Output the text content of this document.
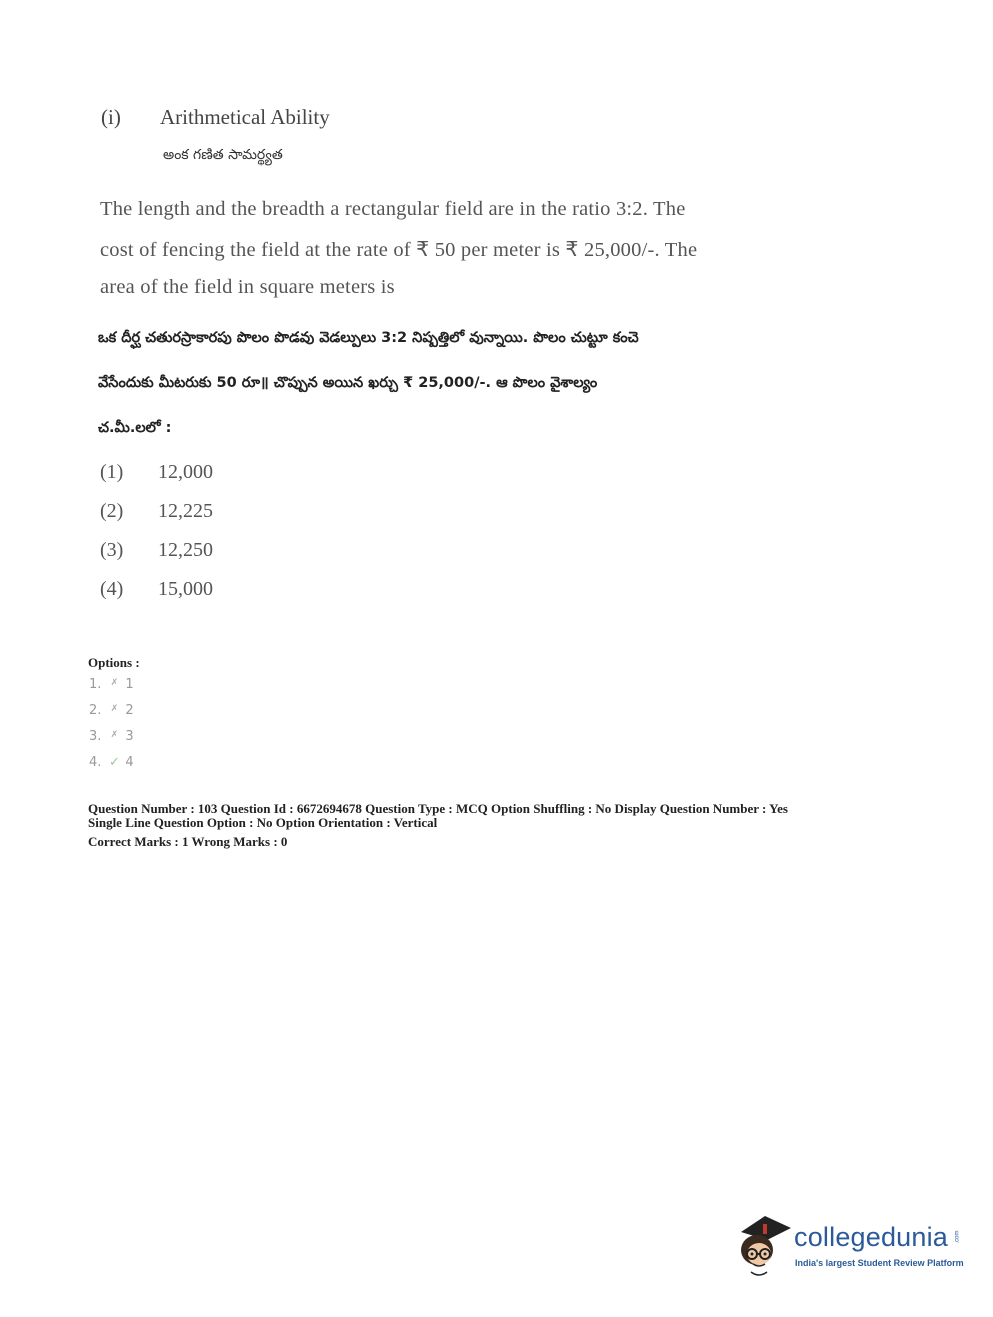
(i) Arithmetical Ability
అంక గణిత సామర్థ్యత
The length and the breadth a rectangular field are in the ratio 3:2. The
cost of fencing the field at the rate of ₹ 50 per meter is ₹ 25,000/-. The
area of the field in square meters is
ఒక దీర్ఘ చతురస్రాకారపు పొలం పొడవు వెడల్పులు 3:2 నిష్పత్తిలో వున్నాయి. పొలం చుట్టూ కంచె
వేసేందుకు మీటరుకు 50 రూ॥ చొప్పున అయిన ఖర్చు ₹ 25,000/-. ఆ పొలం వైశాల్యం
చ.మీ.లలో :
(1) 12,000
(2) 12,225
(3) 12,250
(4) 15,000
Options :
1. ✗ 1
2. ✗ 2
3. ✗ 3
4. ✓ 4
Question Number : 103 Question Id : 6672694678 Question Type : MCQ Option Shuffling : No Display Question Number : Yes
Single Line Question Option : No Option Orientation : Vertical
Correct Marks : 1 Wrong Marks : 0
collegedunia .com
India's largest Student Review Platform
